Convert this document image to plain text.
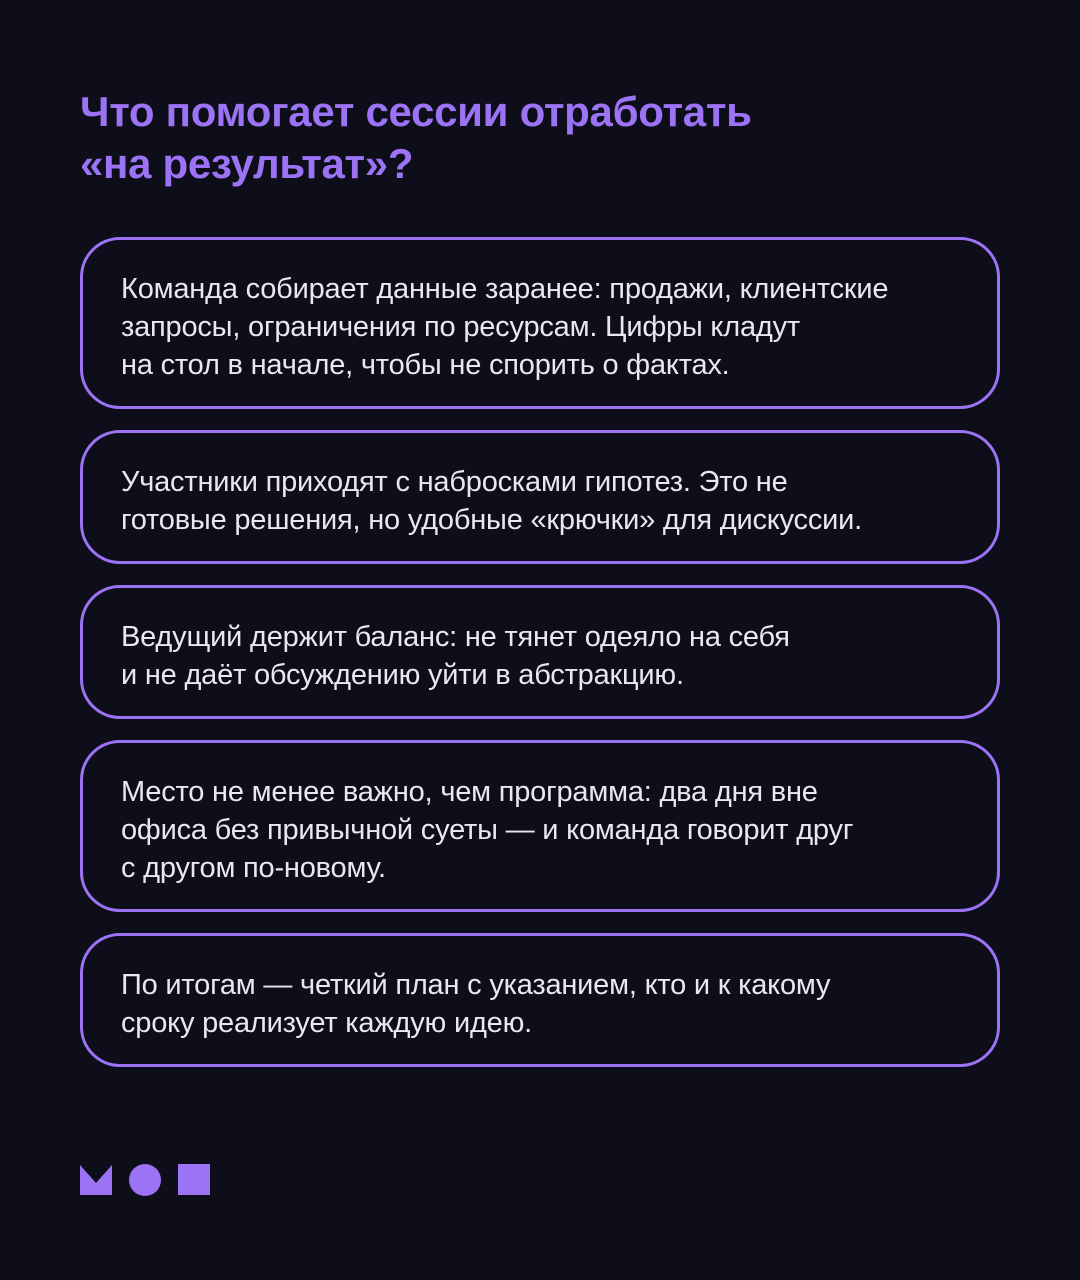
Что помогает сессии отработать
«на результат»?
Команда собирает данные заранее: продажи, клиентские
запросы, ограничения по ресурсам. Цифры кладут
на стол в начале, чтобы не спорить о фактах.
Участники приходят с набросками гипотез. Это не
готовые решения, но удобные «крючки» для дискуссии.
Ведущий держит баланс: не тянет одеяло на себя
и не даёт обсуждению уйти в абстракцию.
Место не менее важно, чем программа: два дня вне
офиса без привычной суеты — и команда говорит друг
с другом по-новому.
По итогам — четкий план с указанием, кто и к какому
сроку реализует каждую идею.
